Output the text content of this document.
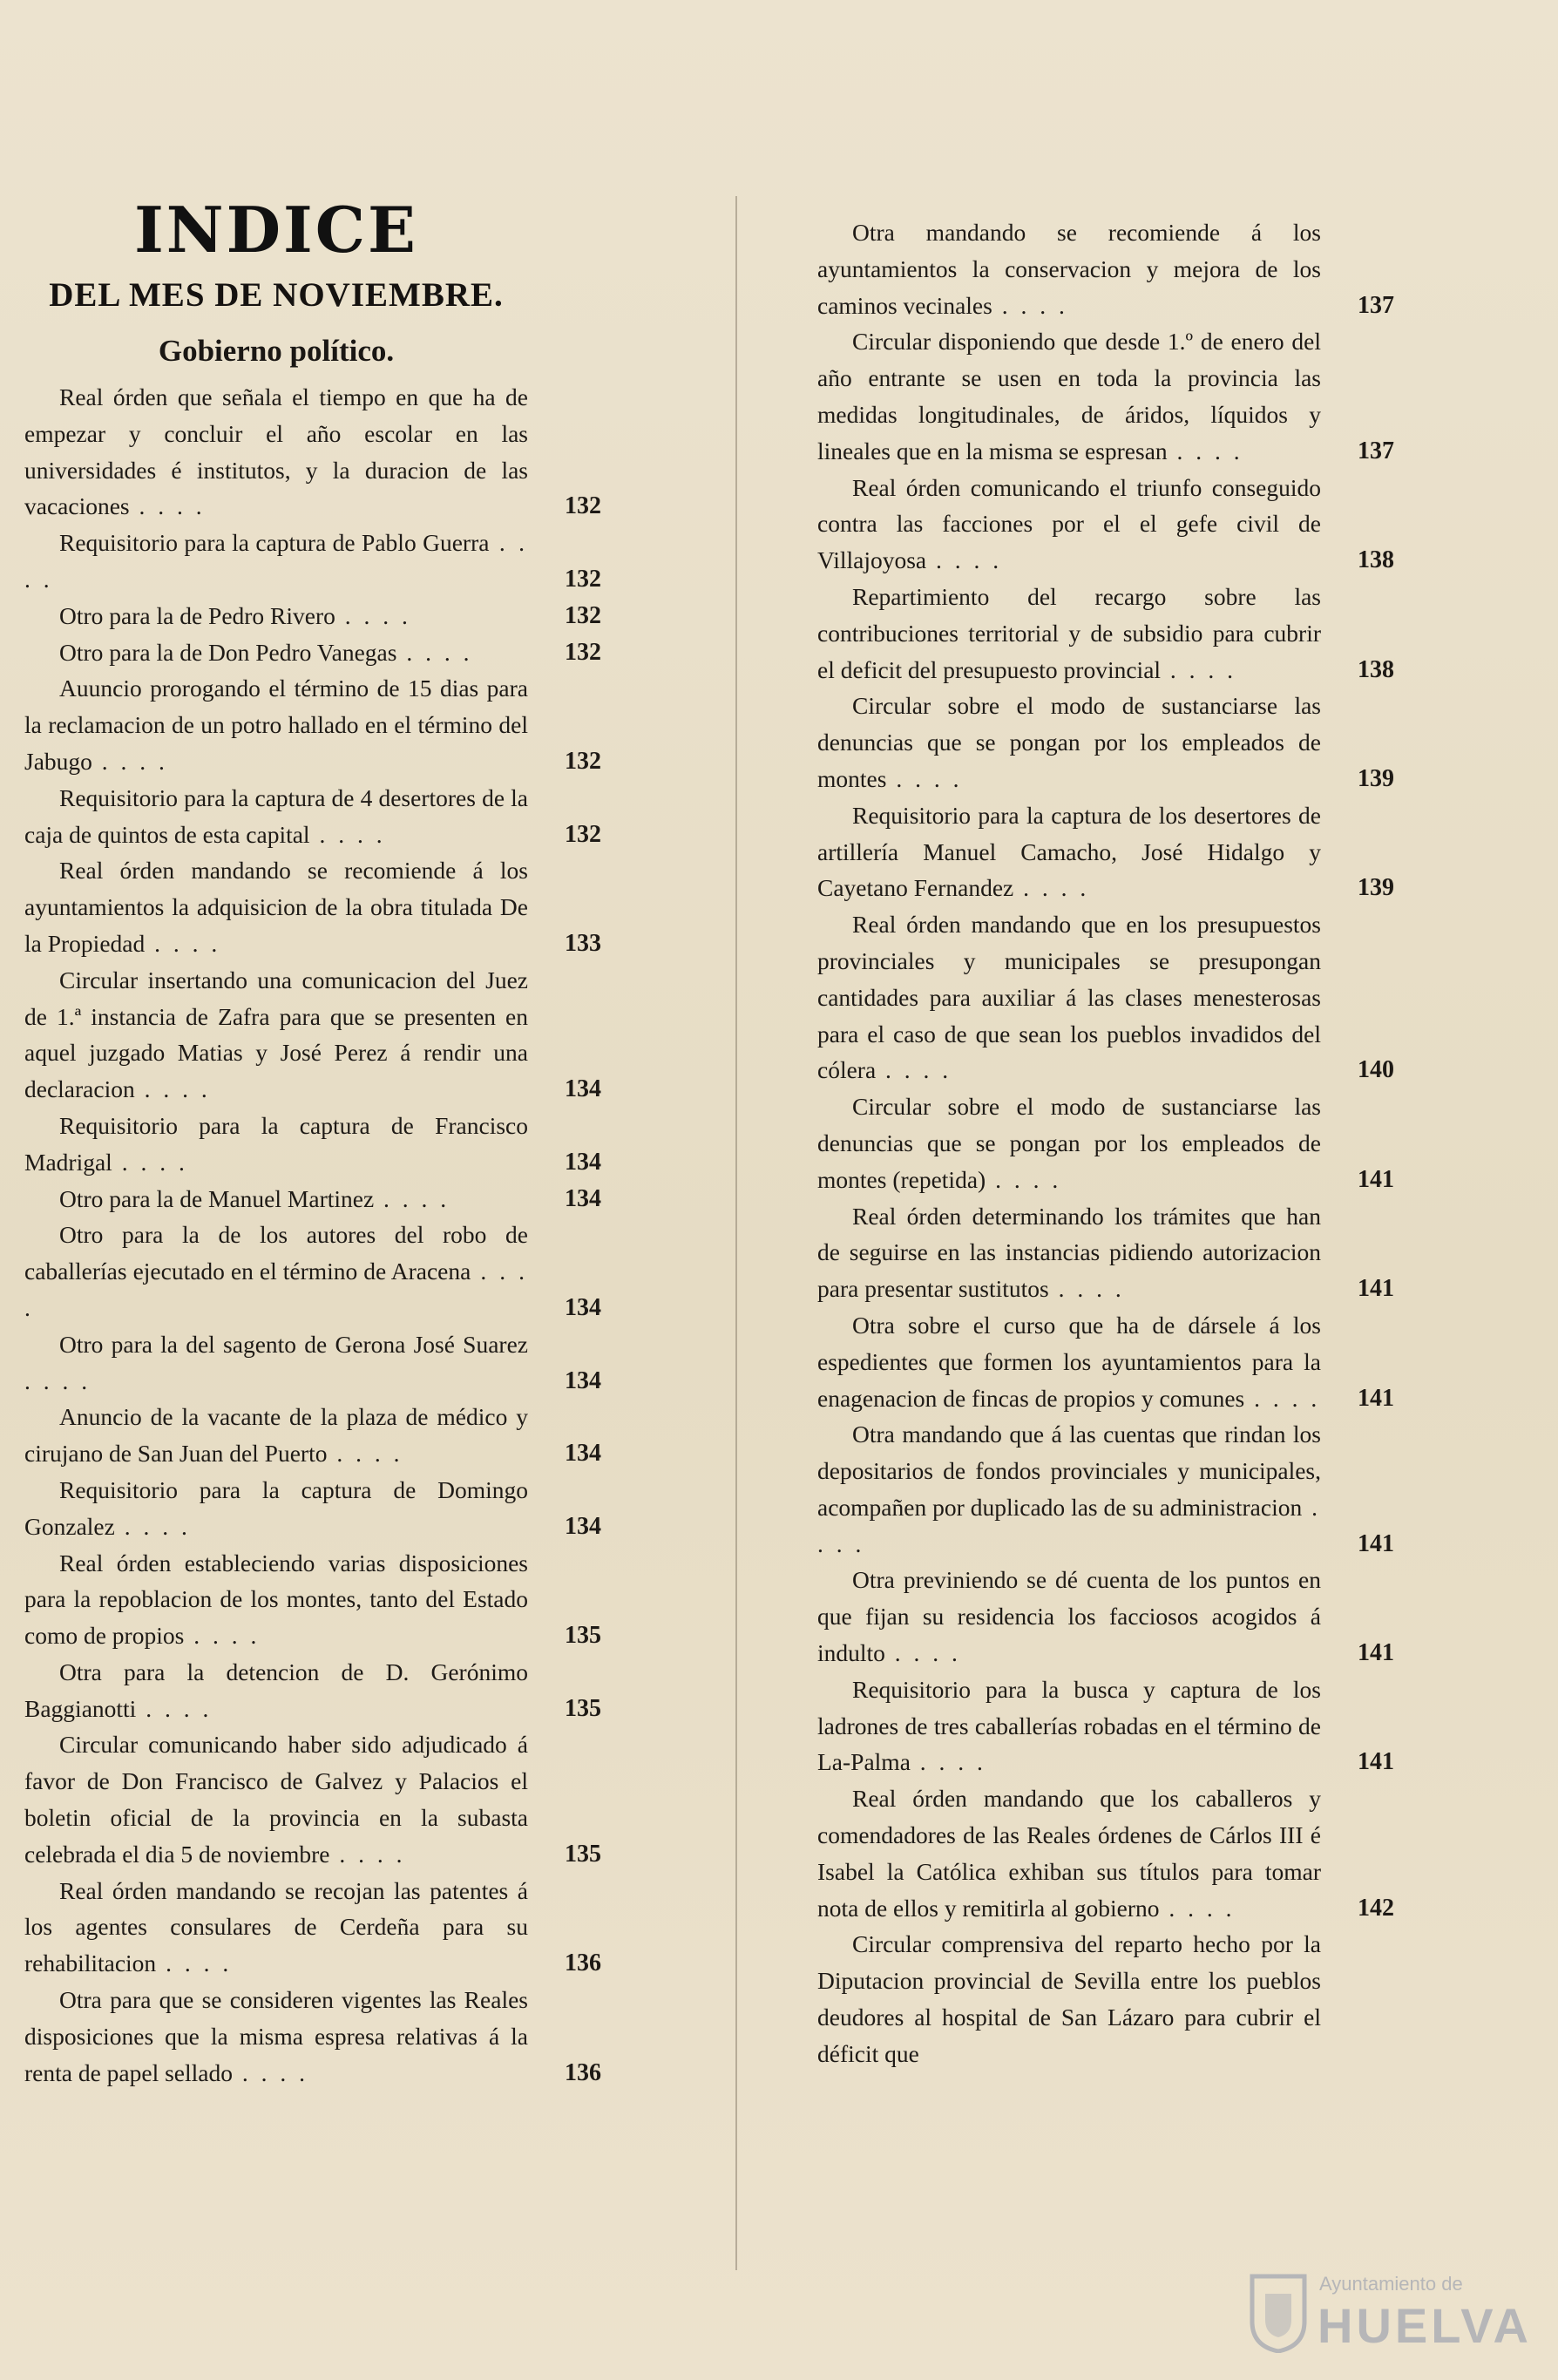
INDICE
DEL MES DE NOVIEMBRE.
Gobierno político.

Real órden que señala el tiempo en que ha de empezar y concluir el año escolar en las universidades é institutos, y la duracion de las vacaciones . . . .	132

Requisitorio para la captura de Pablo Guerra . . . .	132

Otro para la de Pedro Rivero . . . .	132

Otro para la de Don Pedro Vanegas . . . .	132

Auuncio prorogando el término de 15 dias para la reclamacion de un potro hallado en el término del Jabugo . . . .	132

Requisitorio para la captura de 4 desertores de la caja de quintos de esta capital . . . .	132

Real órden mandando se recomiende á los ayuntamientos la adquisicion de la obra titulada De la Propiedad . . . .	133

Circular insertando una comunicacion del Juez de 1.ª instancia de Zafra para que se presenten en aquel juzgado Matias y José Perez á rendir una declaracion . . . .	134

Requisitorio para la captura de Francisco Madrigal . . . .	134

Otro para la de Manuel Martinez . . . .	134

Otro para la de los autores del robo de caballerías ejecutado en el término de Aracena . . . .	134

Otro para la del sagento de Gerona José Suarez . . . .	134

Anuncio de la vacante de la plaza de médico y cirujano de San Juan del Puerto . . . .	134

Requisitorio para la captura de Domingo Gonzalez . . . .	134

Real órden estableciendo varias disposiciones para la repoblacion de los montes, tanto del Estado como de propios . . . .	135

Otra para la detencion de D. Gerónimo Baggianotti . . . .	135

Circular comunicando haber sido adjudicado á favor de Don Francisco de Galvez y Palacios el boletin oficial de la provincia en la subasta celebrada el dia 5 de noviembre . . . .	135

Real órden mandando se recojan las patentes á los agentes consulares de Cerdeña para su rehabilitacion . . . .	136

Otra para que se consideren vigentes las Reales disposiciones que la misma espresa relativas á la renta de papel sellado . . . .	136

Otra mandando se recomiende á los ayuntamientos la conservacion y mejora de los caminos vecinales . . . .	137

Circular disponiendo que desde 1.º de enero del año entrante se usen en toda la provincia las medidas longitudinales, de áridos, líquidos y lineales que en la misma se espresan . . . .	137

Real órden comunicando el triunfo conseguido contra las facciones por el el gefe civil de Villajoyosa . . . .	138

Repartimiento del recargo sobre las contribuciones territorial y de subsidio para cubrir el deficit del presupuesto provincial . . . .	138

Circular sobre el modo de sustanciarse las denuncias que se pongan por los empleados de montes . . . .	139

Requisitorio para la captura de los desertores de artillería Manuel Camacho, José Hidalgo y Cayetano Fernandez . . . .	139

Real órden mandando que en los presupuestos provinciales y municipales se presupongan cantidades para auxiliar á las clases menesterosas para el caso de que sean los pueblos invadidos del cólera . . . .	140

Circular sobre el modo de sustanciarse las denuncias que se pongan por los empleados de montes (repetida) . . . .	141

Real órden determinando los trámites que han de seguirse en las instancias pidiendo autorizacion para presentar sustitutos . . . .	141

Otra sobre el curso que ha de dársele á los espedientes que formen los ayuntamientos para la enagenacion de fincas de propios y comunes . . . . 141

Otra mandando que á las cuentas que rindan los depositarios de fondos provinciales y municipales, acompañen por duplicado las de su administracion . . . .	141

Otra previniendo se dé cuenta de los puntos en que fijan su residencia los facciosos acogidos á indulto . . . .	141

Requisitorio para la busca y captura de los ladrones de tres caballerías robadas en el término de La-Palma . . . .	141

Real órden mandando que los caballeros y comendadores de las Reales órdenes de Cárlos III é Isabel la Católica exhiban sus títulos para tomar nota de ellos y remitirla al gobierno . . . .	142

Circular comprensiva del reparto hecho por la Diputacion provincial de Sevilla entre los pueblos deudores al hospital de San Lázaro para cubrir el déficit que

Ayuntamiento de
HUELVA
